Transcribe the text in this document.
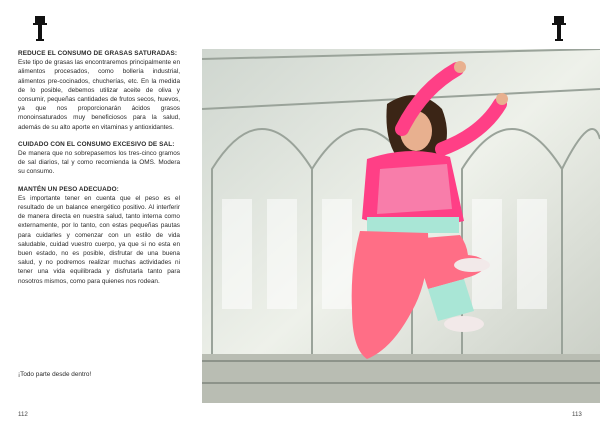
REDUCE EL CONSUMO DE GRASAS SATURADAS:

Este tipo de grasas las encontraremos principalmente en alimentos procesados, como bollería industrial, alimentos pre-cocinados, chucherías, etc. En la medida de lo posible, debemos utilizar aceite de oliva y consumir, pequeñas cantidades de frutos secos, huevos, ya que nos proporcionarán ácidos grasos monoinsaturados muy beneficiosos para la salud, además de su alto aporte en vitaminas y antioxidantes.

CUIDADO CON EL CONSUMO EXCESIVO DE SAL:

De manera que no sobrepasemos los tres-cinco gramos de sal diarios, tal y como recomienda la OMS. Modera su consumo.

MANTÉN UN PESO ADECUADO:

Es importante tener en cuenta que el peso es el resultado de un balance energético positivo. Al interferir de manera directa en nuestra salud, tanto interna como externamente, por lo tanto, con estas pequeñas pautas para cuidarles y comenzar con un estilo de vida saludable, cuidad vuestro cuerpo, ya que si no esta en buen estado, no es posible, disfrutar de una buena salud, y no podremos realizar muchas actividades ni tener una vida equilibrada y disfrutarla tanto para nosotros mismos, como para quienes nos rodean.

¡Todo parte desde dentro!
112	113
